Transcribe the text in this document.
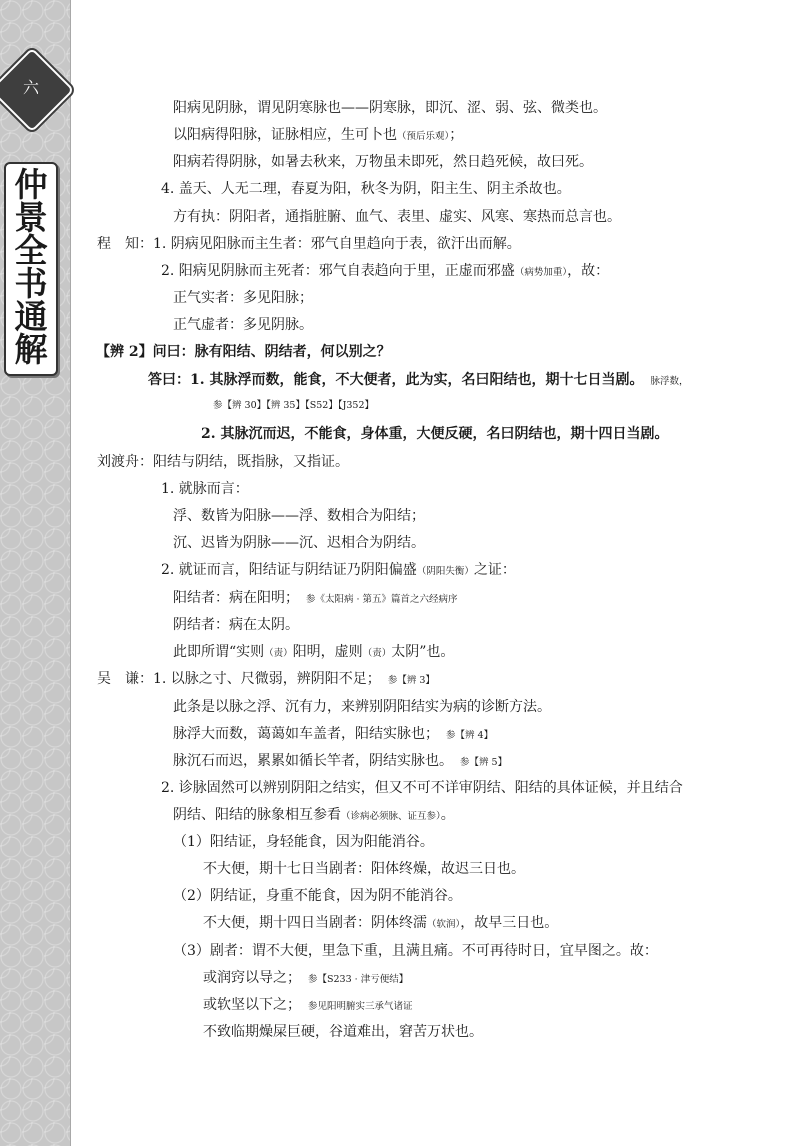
六
仲
景
全
书
通
解
阳病见阴脉，谓见阴寒脉也——阴寒脉，即沉、涩、弱、弦、微类也。
以阳病得阳脉，证脉相应，生可卜也（预后乐观）；
阳病若得阴脉，如暑去秋来，万物虽未即死，然日趋死候，故曰死。
4. 盖天、人无二理，春夏为阳，秋冬为阴，阳主生、阴主杀故也。
方有执：阴阳者，通指脏腑、血气、表里、虚实、风寒、寒热而总言也。
程　知：1. 阴病见阳脉而主生者：邪气自里趋向于表，欲汗出而解。
2. 阳病见阴脉而主死者：邪气自表趋向于里，正虚而邪盛（病势加重），故：
正气实者：多见阳脉；
正气虚者：多见阴脉。
【辨 2】问曰：脉有阳结、阴结者，何以别之？
答曰：1. 其脉浮而数，能食，不大便者，此为实，名曰阳结也，期十七日当剧。　 脉浮数，
参【辨 30】【辨 35】【S52】【J352】
2. 其脉沉而迟，不能食，身体重，大便反硬，名曰阴结也，期十四日当剧。
刘渡舟：阳结与阴结，既指脉，又指证。
1. 就脉而言：
浮、数皆为阳脉——浮、数相合为阳结；
沉、迟皆为阴脉——沉、迟相合为阴结。
2. 就证而言，阳结证与阴结证乃阴阳偏盛（阴阳失衡）之证：
阳结者：病在阳明；　 参《太阳病 · 第五》篇首之六经病序
阴结者：病在太阴。
此即所谓“实则（责）阳明，虚则（责）太阴”也。
吴　谦：1. 以脉之寸、尺微弱，辨阴阳不足；　 参【辨 3】
此条是以脉之浮、沉有力，来辨别阴阳结实为病的诊断方法。
脉浮大而数，蔼蔼如车盖者，阳结实脉也；　 参【辨 4】
脉沉石而迟，累累如循长竿者，阴结实脉也。　 参【辨 5】
2. 诊脉固然可以辨别阴阳之结实，但又不可不详审阴结、阳结的具体证候，并且结合
阴结、阳结的脉象相互参看（诊病必须脉、证互参）。
（1）阳结证，身轻能食，因为阳能消谷。
不大便，期十七日当剧者：阳体终燥，故迟三日也。
（2）阴结证，身重不能食，因为阴不能消谷。
不大便，期十四日当剧者：阴体终濡（软润），故早三日也。
（3）剧者：谓不大便，里急下重，且满且痛。不可再待时日，宜早图之。故：
或润窍以导之；　 参【S233 · 津亏便结】
或软坚以下之；　 参见阳明腑实三承气诸证
不致临期燥屎巨硬，谷道难出，窘苦万状也。
